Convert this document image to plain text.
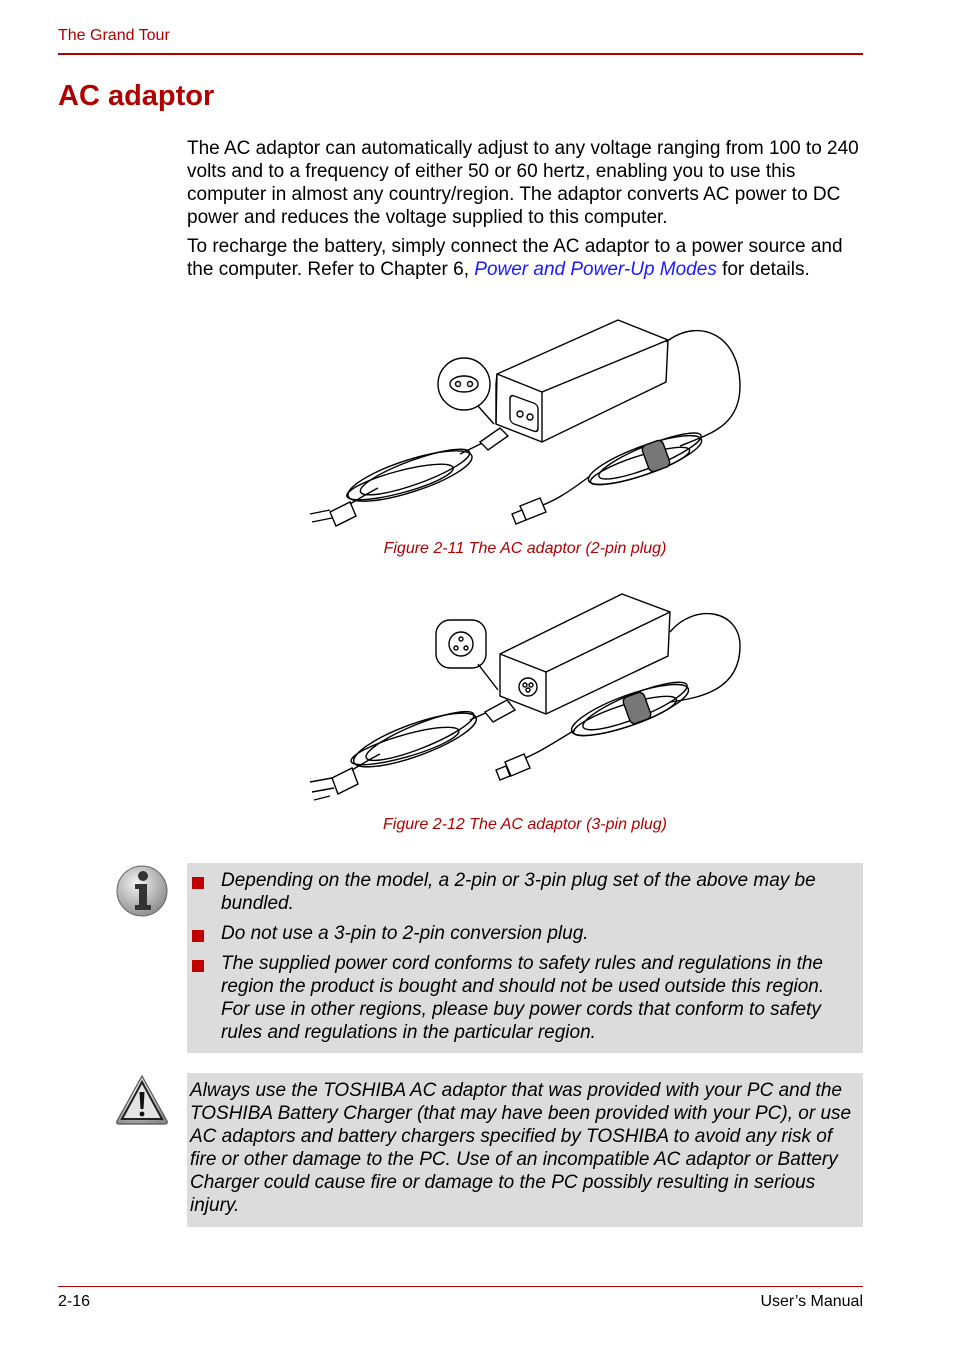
The Grand Tour
AC adaptor

The AC adaptor can automatically adjust to any voltage ranging from 100 to 240 volts and to a frequency of either 50 or 60 hertz, enabling you to use this computer in almost any country/region. The adaptor converts AC power to DC power and reduces the voltage supplied to this computer.

To recharge the battery, simply connect the AC adaptor to a power source and the computer. Refer to Chapter 6, Power and Power-Up Modes for details.

Figure 2-11 The AC adaptor (2-pin plug)
Figure 2-12 The AC adaptor (3-pin plug)
Depending on the model, a 2-pin or 3-pin plug set of the above may be bundled.
Do not use a 3-pin to 2-pin conversion plug.
The supplied power cord conforms to safety rules and regulations in the region the product is bought and should not be used outside this region. For use in other regions, please buy power cords that conform to safety rules and regulations in the particular region.

Always use the TOSHIBA AC adaptor that was provided with your PC and the TOSHIBA Battery Charger (that may have been provided with your PC), or use AC adaptors and battery chargers specified by TOSHIBA to avoid any risk of fire or other damage to the PC. Use of an incompatible AC adaptor or Battery Charger could cause fire or damage to the PC possibly resulting in serious injury.

2-16	User’s Manual
